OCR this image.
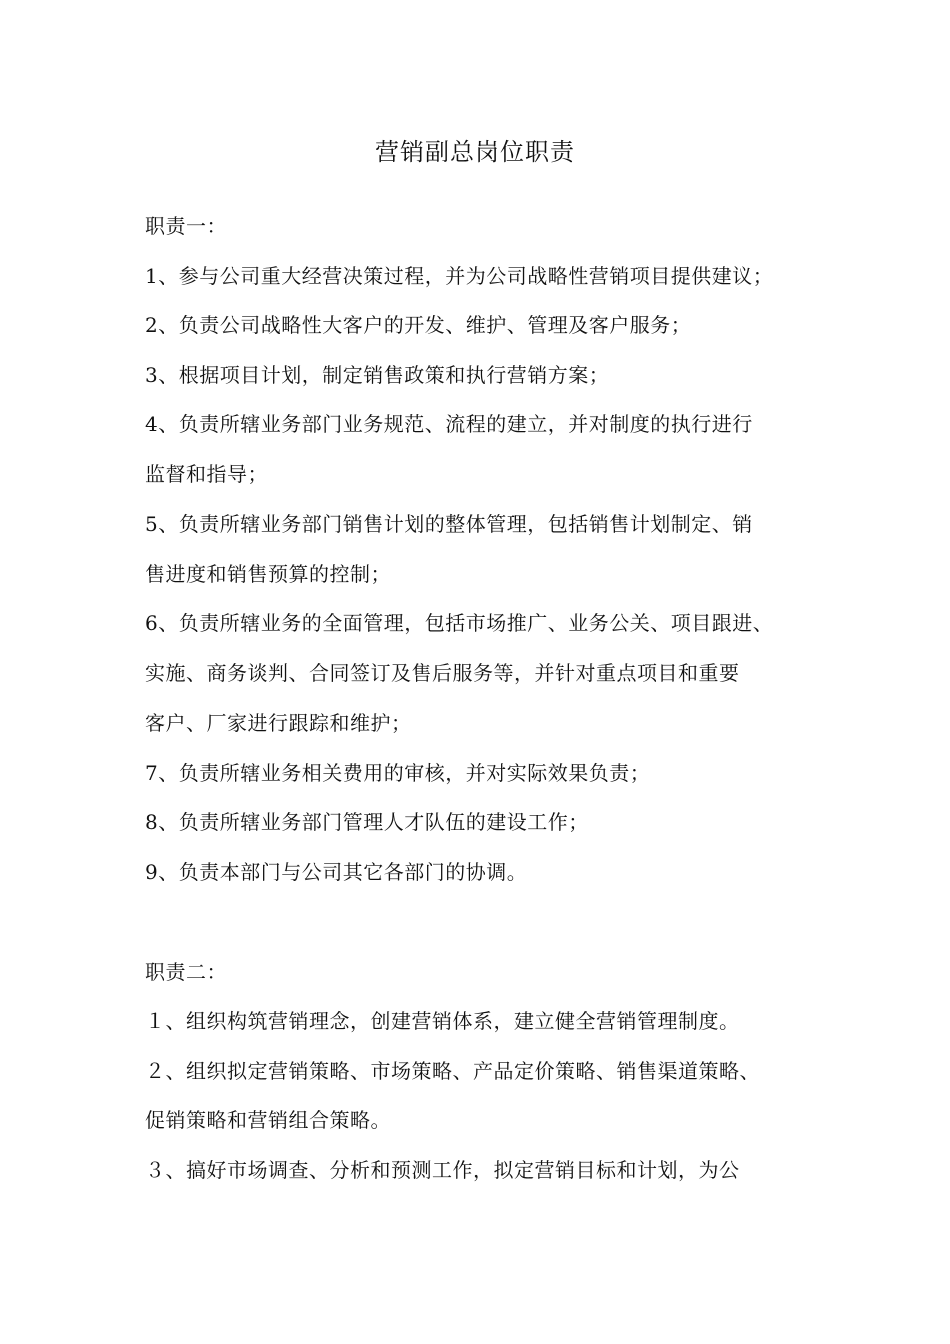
营销副总岗位职责
职责一：
1、参与公司重大经营决策过程，并为公司战略性营销项目提供建议；
2、负责公司战略性大客户的开发、维护、管理及客户服务；
3、根据项目计划，制定销售政策和执行营销方案；
4、负责所辖业务部门业务规范、流程的建立，并对制度的执行进行
监督和指导；
5、负责所辖业务部门销售计划的整体管理，包括销售计划制定、销
售进度和销售预算的控制；
6、负责所辖业务的全面管理，包括市场推广、业务公关、项目跟进、
实施、商务谈判、合同签订及售后服务等，并针对重点项目和重要
客户、厂家进行跟踪和维护；
7、负责所辖业务相关费用的审核，并对实际效果负责；
8、负责所辖业务部门管理人才队伍的建设工作；
9、负责本部门与公司其它各部门的协调。
职责二：
１、组织构筑营销理念，创建营销体系，建立健全营销管理制度。
２、组织拟定营销策略、市场策略、产品定价策略、销售渠道策略、
促销策略和营销组合策略。
３、搞好市场调查、分析和预测工作，拟定营销目标和计划，为公
